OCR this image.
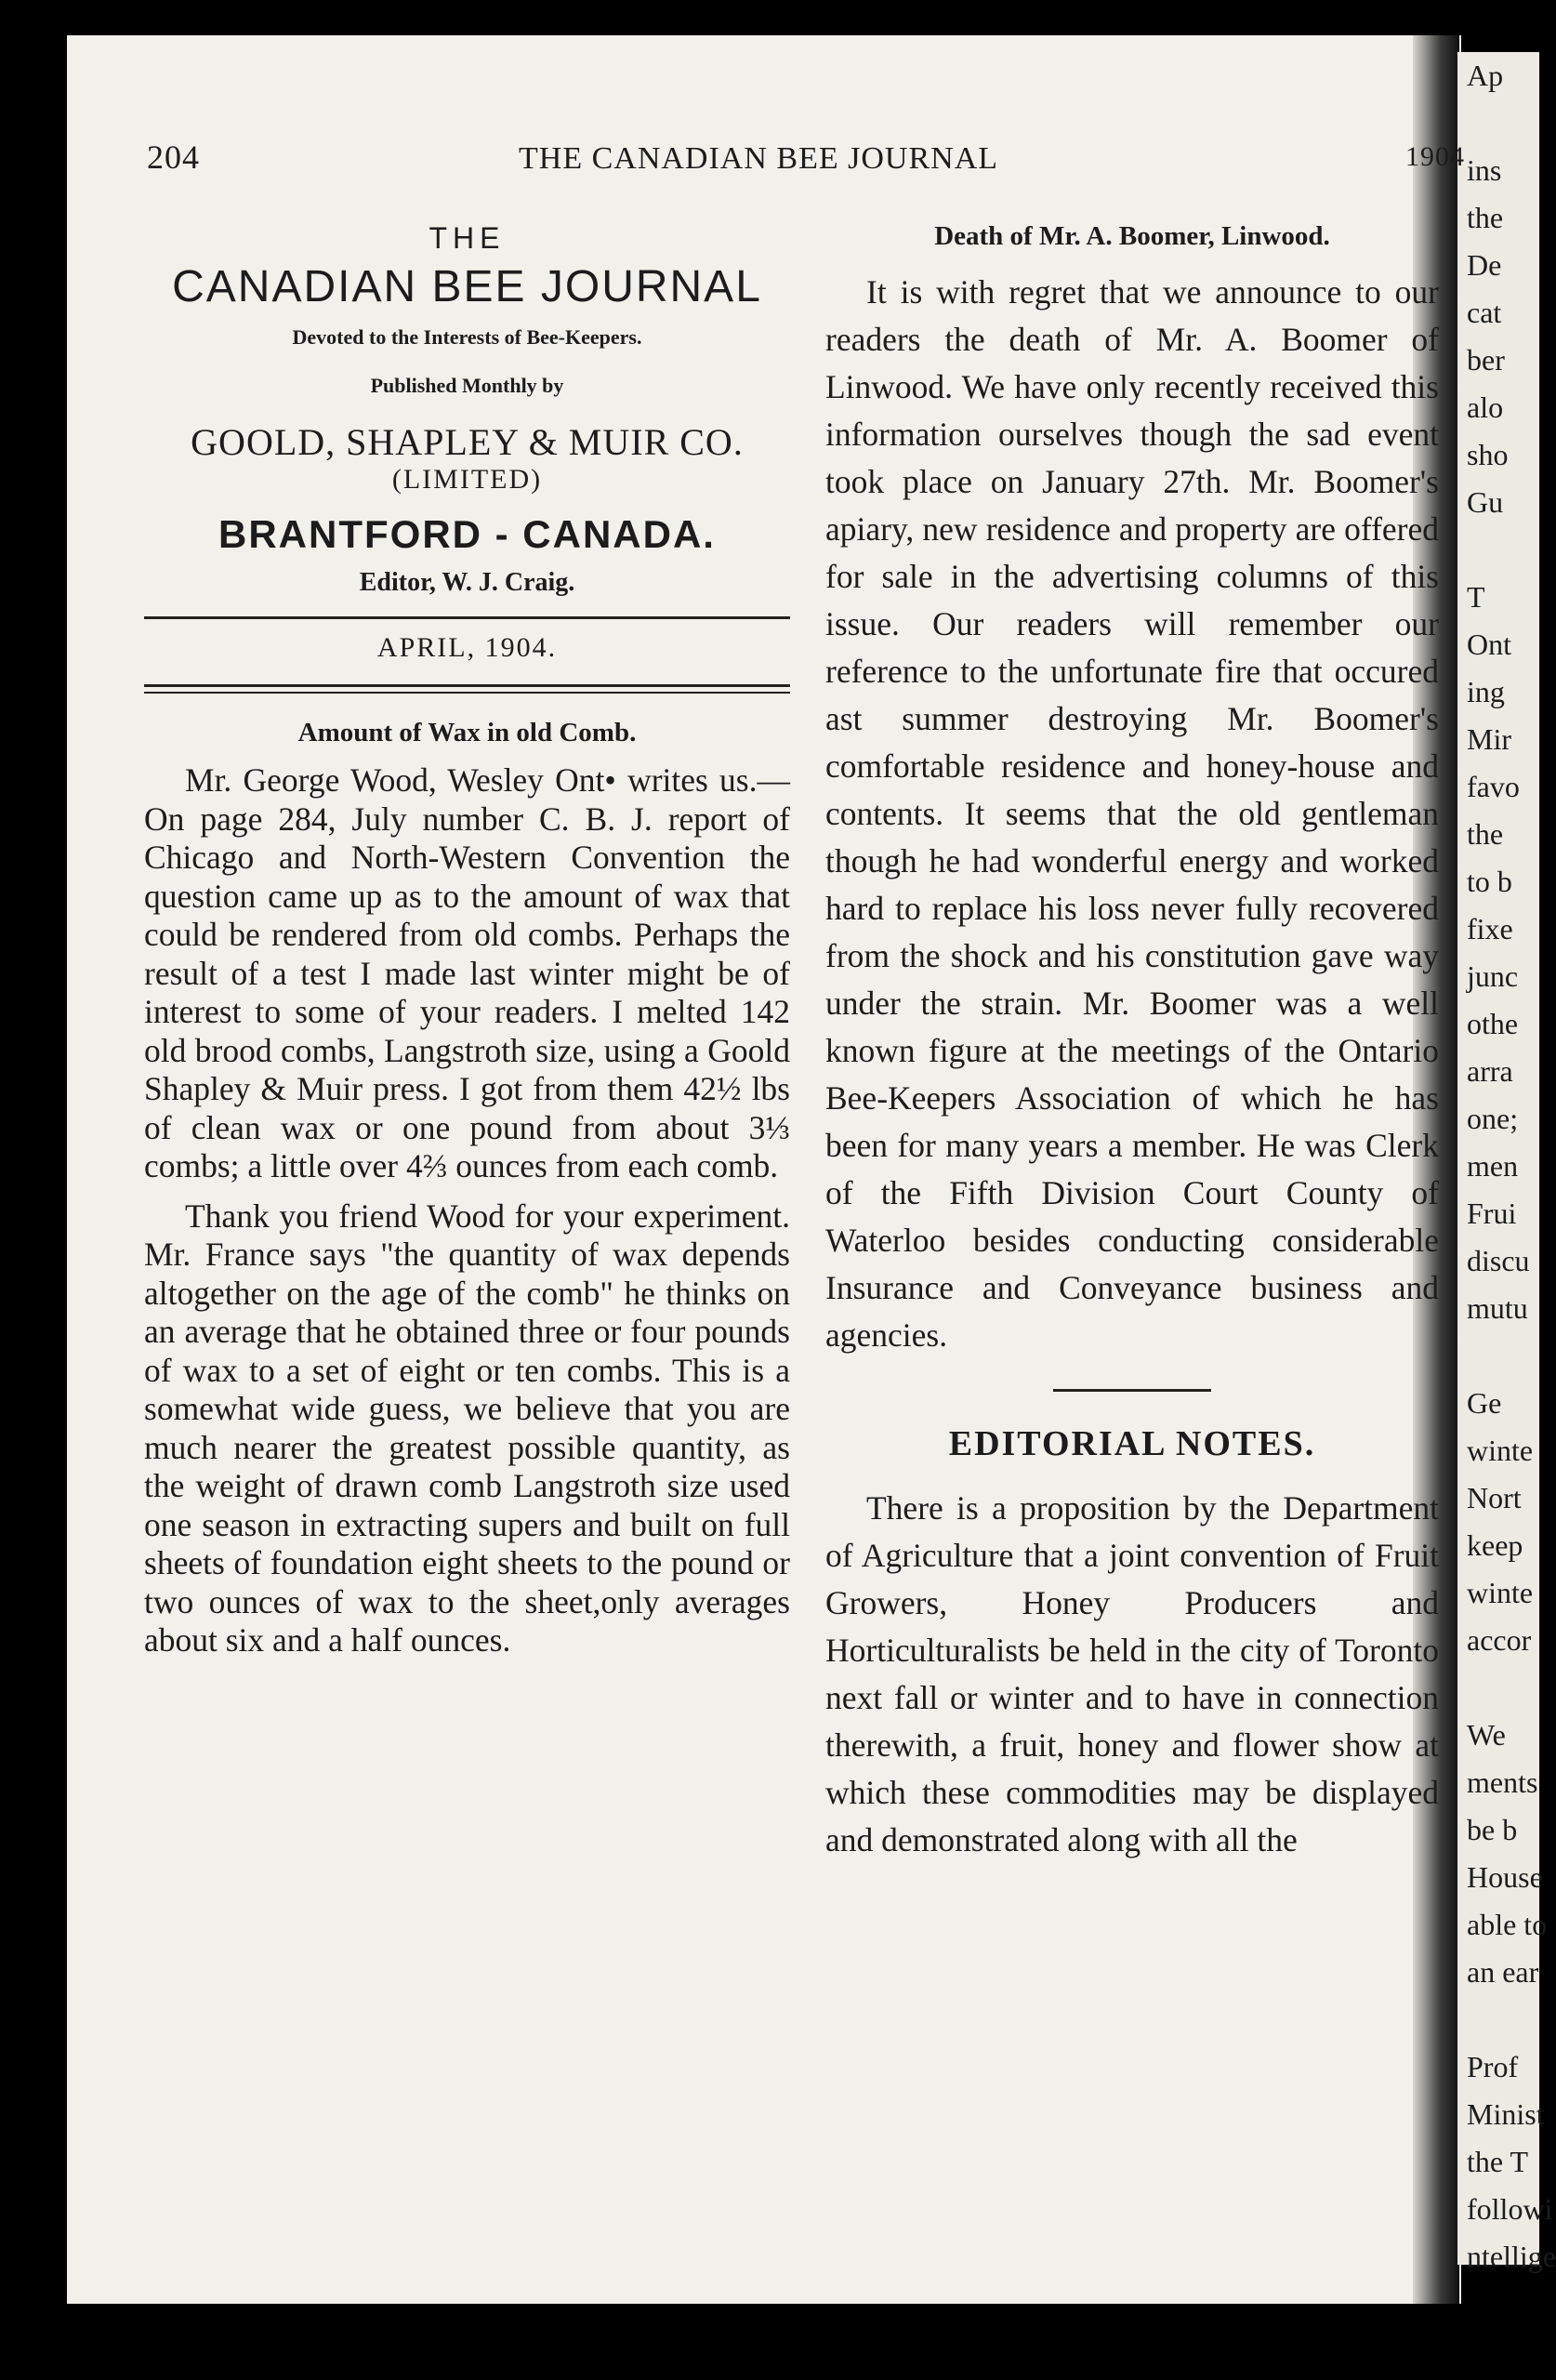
Ap

ins
the
De
cat
ber
alo
sho
Gu

T
Ont
ing
Mir
favo
the
to b
fixe
junc
othe
arra
one;
men
Frui
discu
mutu

Ge
winte
Nort
keep
winte
accor

We
ments
be b
House
able to
an ear

Prof
Minist
the T
followi
ntellige
204	THE CANADIAN BEE JOURNAL	1904

THE

CANADIAN BEE JOURNAL

Devoted to the Interests of Bee-Keepers.

Published Monthly by

GOOLD, SHAPLEY & MUIR CO.

(LIMITED)

BRANTFORD - CANADA.

Editor, W. J. Craig.

APRIL, 1904.

Amount of Wax in old Comb.

Mr. George Wood, Wesley Ont• writes us.—On page 284, July number C. B. J. report of Chicago and North-Western Convention the question came up as to the amount of wax that could be rendered from old combs. Perhaps the result of a test I made last winter might be of interest to some of your readers. I melted 142 old brood combs, Langstroth size, using a Goold Shapley & Muir press. I got from them 42½ lbs of clean wax or one pound from about 3⅓ combs; a little over 4⅔ ounces from each comb.

Thank you friend Wood for your experiment. Mr. France says "the quantity of wax depends altogether on the age of the comb" he thinks on an average that he obtained three or four pounds of wax to a set of eight or ten combs. This is a somewhat wide guess, we believe that you are much nearer the greatest possible quantity, as the weight of drawn comb Langstroth size used one season in extracting supers and built on full sheets of foundation eight sheets to the pound or two ounces of wax to the sheet,only averages about six and a half ounces.

Death of Mr. A. Boomer, Linwood.

It is with regret that we announce to our readers the death of Mr. A. Boomer of Linwood. We have only recently received this information ourselves though the sad event took place on January 27th. Mr. Boomer's apiary, new residence and property are offered for sale in the advertising columns of this issue. Our readers will remember our reference to the unfortunate fire that occured ast summer destroying Mr. Boomer's comfortable residence and honey-house and contents. It seems that the old gentleman though he had wonderful energy and worked hard to replace his loss never fully recovered from the shock and his constitution gave way under the strain. Mr. Boomer was a well known figure at the meetings of the Ontario Bee-Keepers Association of which he has been for many years a member. He was Clerk of the Fifth Division Court County of Waterloo besides conducting considerable Insurance and Conveyance business and agencies.

EDITORIAL NOTES.

There is a proposition by the Department of Agriculture that a joint convention of Fruit Growers, Honey Producers and Horticulturalists be held in the city of Toronto next fall or winter and to have in connection therewith, a fruit, honey and flower show at which these commodities may be displayed and demonstrated along with all the
